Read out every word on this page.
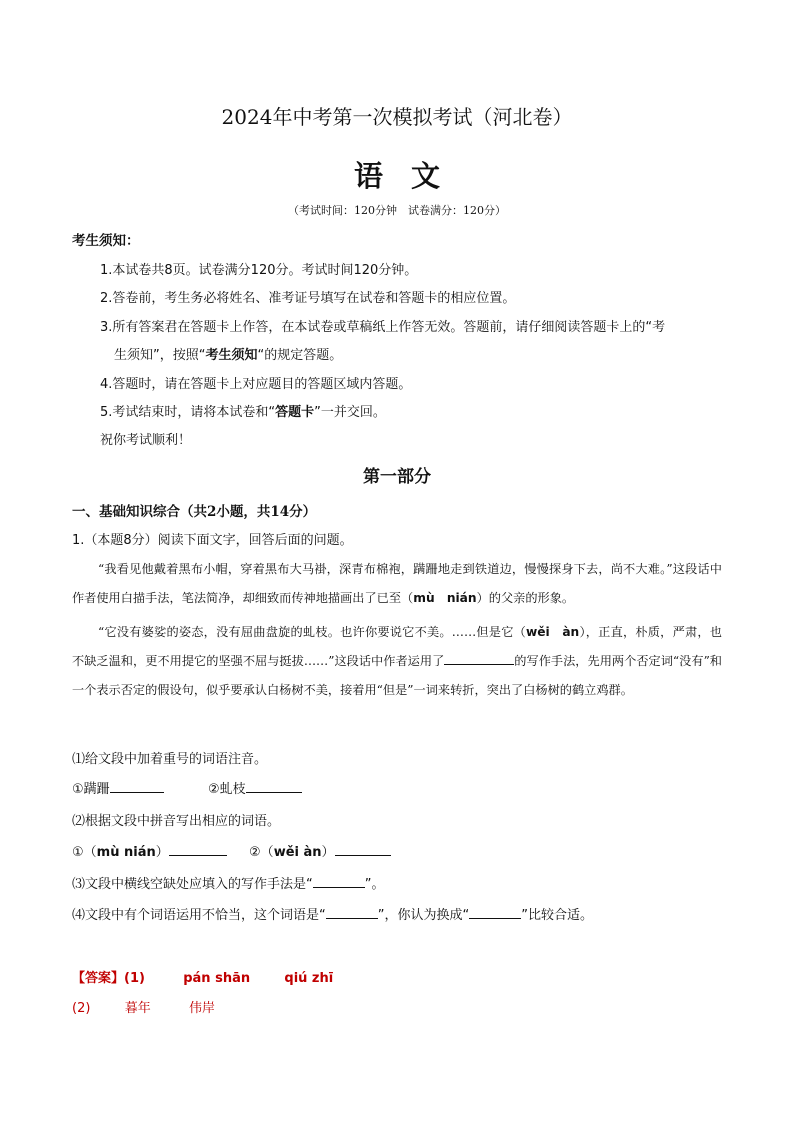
2024年中考第一次模拟考试（河北卷）
语文
（考试时间：120分钟　试卷满分：120分）
考生须知：
1.本试卷共8页。试卷满分120分。考试时间120分钟。
2.答卷前，考生务必将姓名、准考证号填写在试卷和答题卡的相应位置。
3.所有答案君在答题卡上作答，在本试卷或草稿纸上作答无效。答题前，请仔细阅读答题卡上的“考
生须知”，按照“考生须知“的规定答题。
4.答题时，请在答题卡上对应题目的答题区域内答题。
5.考试结束时，请将本试卷和“答题卡”一并交回。
祝你考试顺利！
第一部分
一、基础知识综合（共2小题，共14分）
1.（本题8分）阅读下面文字，回答后面的问题。
“我看见他戴着黑布小帽，穿着黑布大马褂，深青布棉袍，蹒跚地走到铁道边，慢慢探身下去，尚不大难。”这段话中作者使用白描手法，笔法简净，却细致而传神地描画出了已至（mù　nián）的父亲的形象。
“它没有婆娑的姿态，没有屈曲盘旋的虬枝。也许你要说它不美。……但是它（wěi　àn），正直，朴质，严肃，也不缺乏温和，更不用提它的坚强不屈与挺拔……”这段话中作者运用了	的写作手法，先用两个否定词“没有”和一个表示否定的假设句，似乎要承认白杨树不美，接着用“但是”一词来转折，突出了白杨树的鹤立鸡群。
⑴给文段中加着重号的词语注音。
①蹒跚	②虬枝
⑵根据文段中拼音写出相应的词语。
①（mù nián）	②（wěi àn）
⑶文段中横线空缺处应填入的写作手法是“	”。
⑷文段中有个词语运用不恰当，这个词语是“	”，你认为换成“	”比较合适。
【答案】(1)	pán shān	qiú zhī
(2)	暮年	伟岸
